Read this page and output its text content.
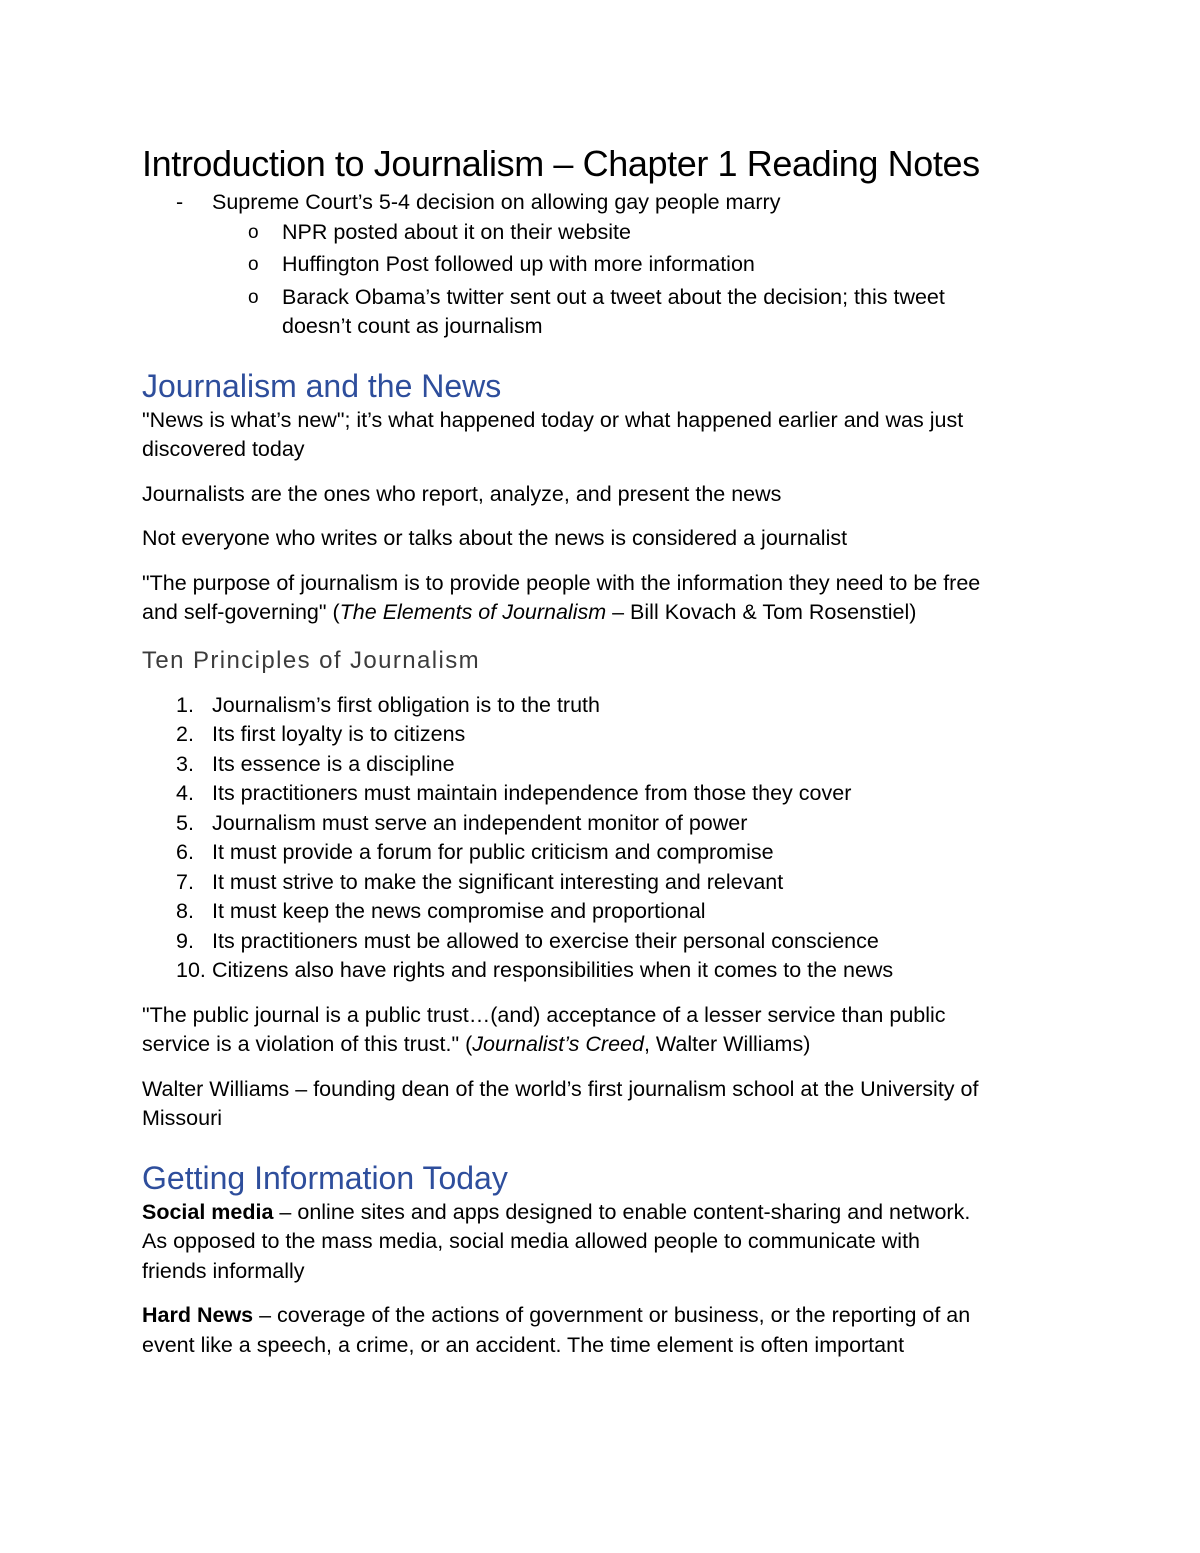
Introduction to Journalism – Chapter 1 Reading Notes
- Supreme Court’s 5-4 decision on allowing gay people marry
o NPR posted about it on their website
o Huffington Post followed up with more information
o Barack Obama’s twitter sent out a tweet about the decision; this tweet
doesn’t count as journalism
Journalism and the News

"News is what’s new"; it’s what happened today or what happened earlier and was just
discovered today

Journalists are the ones who report, analyze, and present the news

Not everyone who writes or talks about the news is considered a journalist

"The purpose of journalism is to provide people with the information they need to be free
and self-governing" (The Elements of Journalism – Bill Kovach & Tom Rosenstiel)

Ten Principles of Journalism
1. Journalism’s first obligation is to the truth
2. Its first loyalty is to citizens
3. Its essence is a discipline
4. Its practitioners must maintain independence from those they cover
5. Journalism must serve an independent monitor of power
6. It must provide a forum for public criticism and compromise
7. It must strive to make the significant interesting and relevant
8. It must keep the news compromise and proportional
9. Its practitioners must be allowed to exercise their personal conscience
10. Citizens also have rights and responsibilities when it comes to the news

"The public journal is a public trust…(and) acceptance of a lesser service than public
service is a violation of this trust." (Journalist’s Creed, Walter Williams)

Walter Williams – founding dean of the world’s first journalism school at the University of
Missouri

Getting Information Today

Social media – online sites and apps designed to enable content-sharing and network.
As opposed to the mass media, social media allowed people to communicate with
friends informally

Hard News – coverage of the actions of government or business, or the reporting of an
event like a speech, a crime, or an accident. The time element is often important
